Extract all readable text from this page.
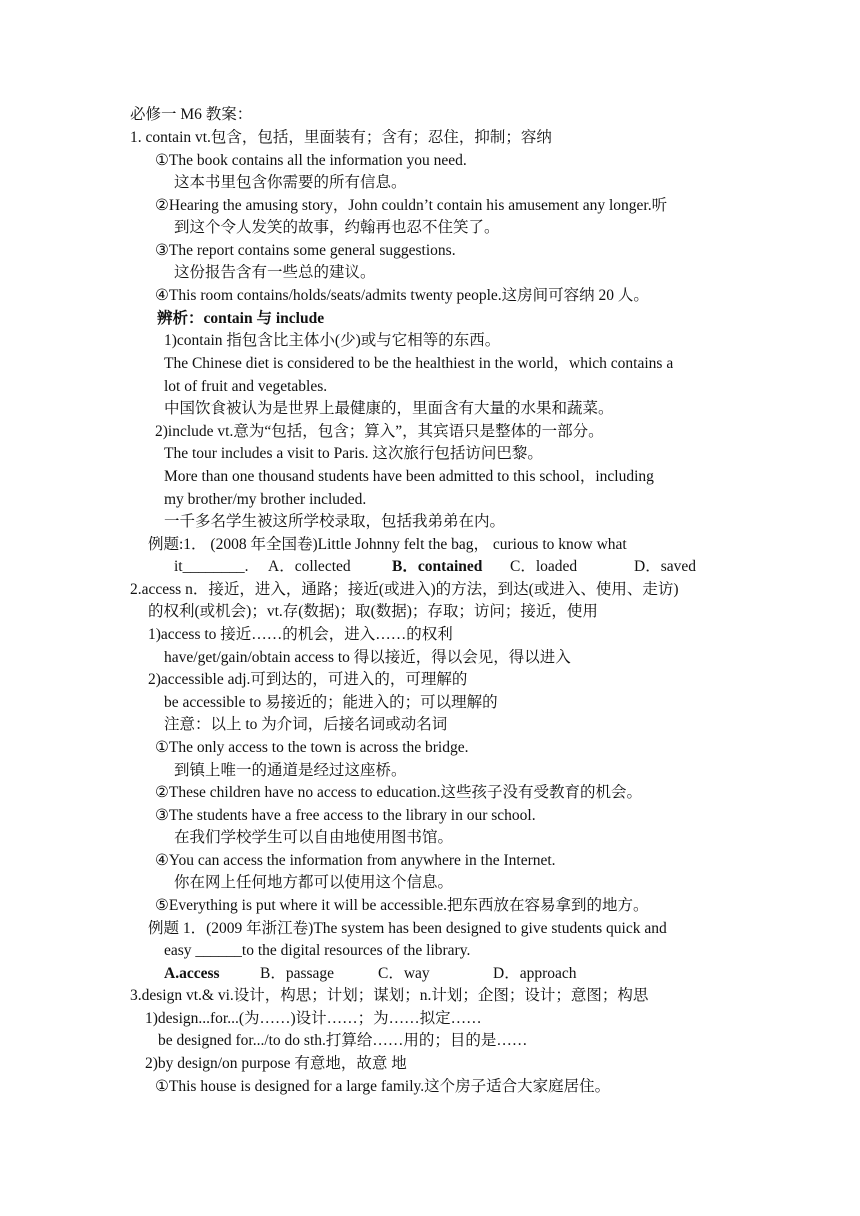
必修一 M6 教案：
1. contain vt.包含，包括，里面装有；含有；忍住，抑制；容纳
①The book contains all the information you need.
这本书里包含你需要的所有信息。
②Hearing the amusing story，John couldn’t contain his amusement any longer.听
到这个令人发笑的故事，约翰再也忍不住笑了。
③The report contains some general suggestions.
这份报告含有一些总的建议。
④This room contains/holds/seats/admits twenty people.这房间可容纳 20 人。
辨析：contain 与 include
1)contain 指包含比主体小(少)或与它相等的东西。
The Chinese diet is considered to be the healthiest in the world，which contains a
lot of fruit and vegetables.
中国饮食被认为是世界上最健康的，里面含有大量的水果和蔬菜。
2)include vt.意为“包括，包含；算入”，其宾语只是整体的一部分。
The tour includes a visit to Paris. 这次旅行包括访问巴黎。
More than one thousand students have been admitted to this school，including
my brother/my brother included.
一千多名学生被这所学校录取，包括我弟弟在内。
例题:1． (2008 年全国卷)Little Johnny felt the bag， curious to know what
it________. A．collected	B．contained C．loaded	D．saved
2.access n．接近，进入，通路；接近(或进入)的方法，到达(或进入、使用、走访)
的权利(或机会)；vt.存(数据)；取(数据)；存取；访问；接近，使用
1)access to 接近……的机会，进入……的权利
have/get/gain/obtain access to 得以接近，得以会见，得以进入
2)accessible adj.可到达的，可进入的，可理解的
be accessible to 易接近的；能进入的；可以理解的
注意：以上 to 为介词，后接名词或动名词
①The only access to the town is across the bridge.
到镇上唯一的通道是经过这座桥。
②These children have no access to education.这些孩子没有受教育的机会。
③The students have a free access to the library in our school.
在我们学校学生可以自由地使用图书馆。
④You can access the information from anywhere in the Internet.
你在网上任何地方都可以使用这个信息。
⑤Everything is put where it will be accessible.把东西放在容易拿到的地方。
例题 1．(2009 年浙江卷)The system has been designed to give students quick and
easy ______to the digital resources of the library.
A.access	B．passage	C．way	D．approach
3.design vt.& vi.设计，构思；计划；谋划；n.计划；企图；设计；意图；构思
1)design...for...(为……)设计……；为……拟定……
be designed for.../to do sth.打算给……用的；目的是……
2)by design/on purpose 有意地，故意 地
①This house is designed for a large family.这个房子适合大家庭居住。
